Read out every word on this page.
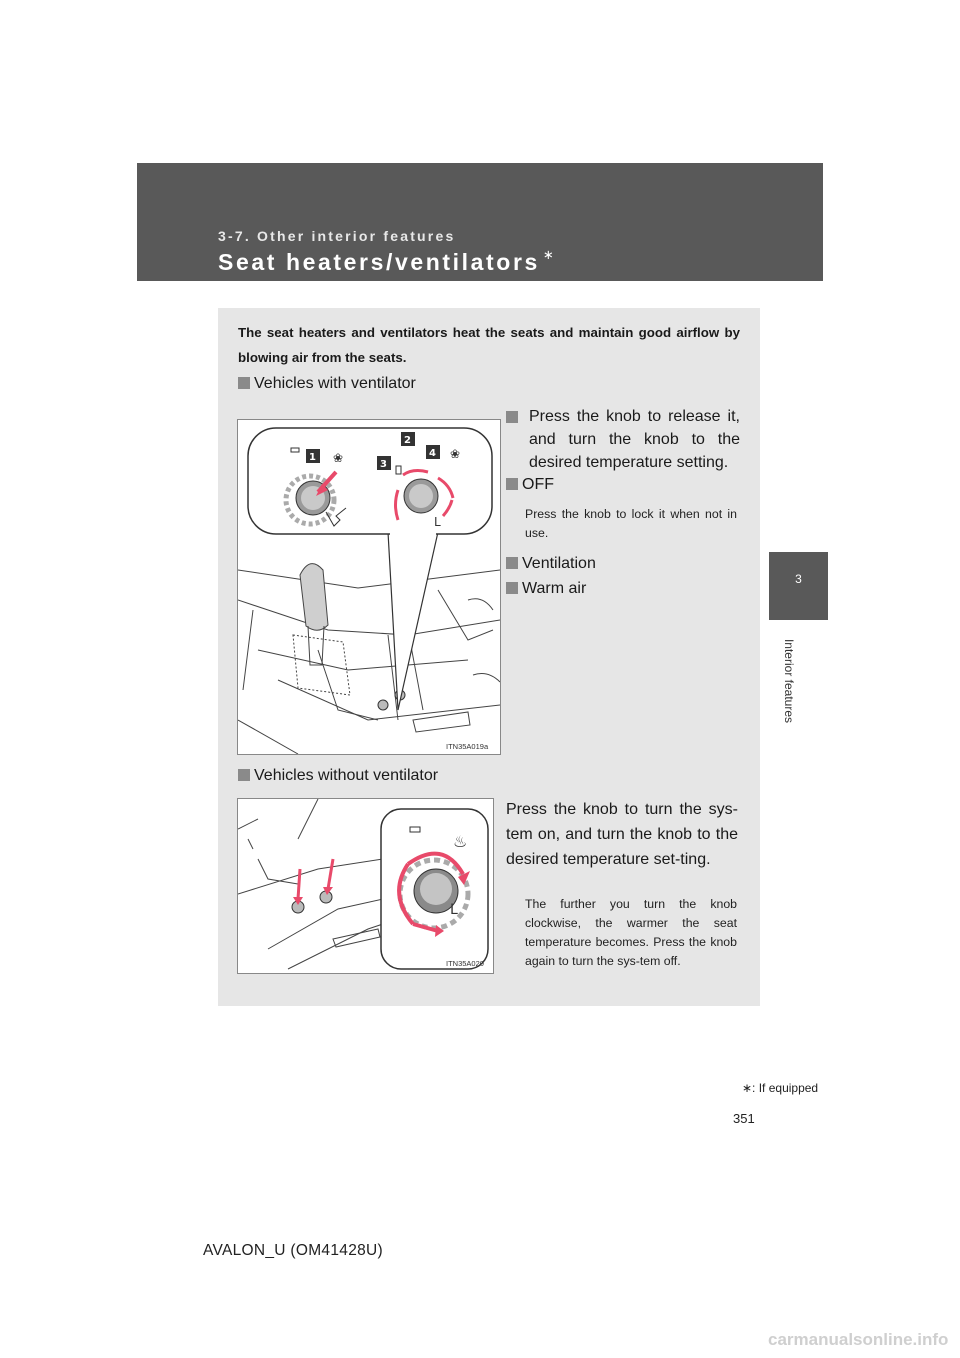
3-7. Other interior features
Seat heaters/ventilators ∗
3
Interior features
The seat heaters and ventilators heat the seats and maintain good airflow by blowing air from the seats.
Vehicles with ventilator
Press the knob to release it, and turn the knob to the desired temperature setting.
OFF
Press the knob to lock it when not in use.
Ventilation
Warm air
❀
L
❀
1
2
3
4
ITN35A019a
Vehicles without ventilator
Press the knob to turn the sys-tem on, and turn the knob to the desired temperature set-ting.
The further you turn the knob clockwise, the warmer the seat temperature becomes. Press the knob again to turn the sys-tem off.
♨
L
ITN35A020
∗: If equipped
351
AVALON_U (OM41428U)
carmanualsonline.info
